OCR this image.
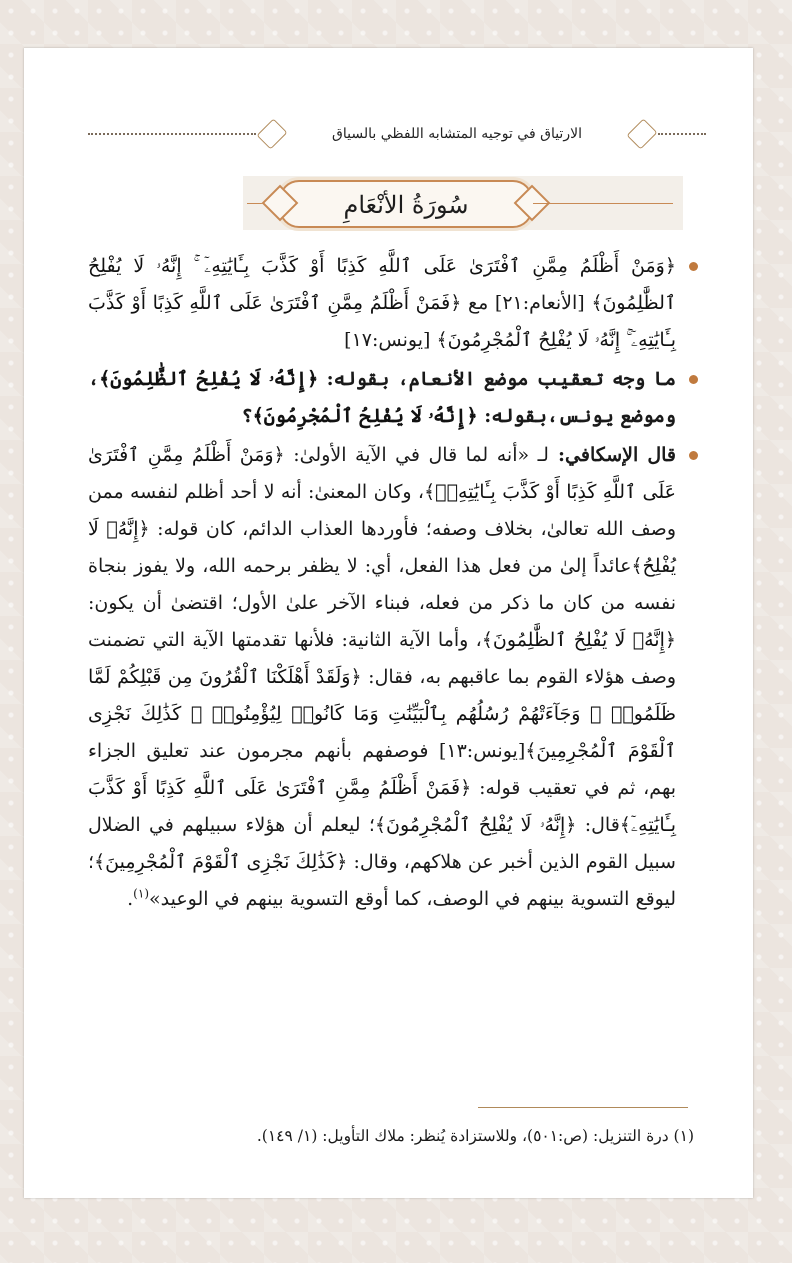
الارتياق في توجيه المتشابه اللفظي بالسياق
سُورَةُ الأنْعَامِ

﴿وَمَنْ أَظْلَمُ مِمَّنِ ٱفْتَرَىٰ عَلَى ٱللَّهِ كَذِبًا أَوْ كَذَّبَ بِـَٔايَٰتِهِۦٓ ۚ إِنَّهُۥ لَا يُفْلِحُ ٱلظَّٰلِمُونَ﴾ [الأنعام:٢١] مع ﴿فَمَنْ أَظْلَمُ مِمَّنِ ٱفْتَرَىٰ عَلَى ٱللَّهِ كَذِبًا أَوْ كَذَّبَ بِـَٔايَٰتِهِۦٓ ۚ إِنَّهُۥ لَا يُفْلِحُ ٱلْمُجْرِمُونَ﴾ [يونس:١٧]

ما وجه تعقيب موضع الأنعام، بقوله: ﴿إِنَّهُۥ لَا يُفْلِحُ ٱلظَّٰلِمُونَ﴾، وموضع يونس،بقوله: ﴿إِنَّهُۥ لَا يُفْلِحُ ٱلْمُجْرِمُونَ﴾؟

قال الإسكافي: لـ «أنه لما قال في الآية الأولىٰ: ﴿وَمَنْ أَظْلَمُ مِمَّنِ ٱفْتَرَىٰ عَلَى ٱللَّهِ كَذِبًا أَوْ كَذَّبَ بِـَٔايَٰتِهِۦٓ﴾، وكان المعنىٰ: أنه لا أحد أظلم لنفسه ممن وصف الله تعالىٰ، بخلاف وصفه؛ فأوردها العذاب الدائم، كان قوله: ﴿إِنَّهُۥ لَا يُفْلِحُ﴾عائداً إلىٰ من فعل هذا الفعل، أي: لا يظفر برحمه الله، ولا يفوز بنجاة نفسه من كان ما ذكر من فعله، فبناء الآخر علىٰ الأول؛ اقتضىٰ أن يكون: ﴿إِنَّهُۥ لَا يُفْلِحُ ٱلظَّٰلِمُونَ﴾، وأما الآية الثانية: فلأنها تقدمتها الآية التي تضمنت وصف هؤلاء القوم بما عاقبهم به، فقال: ﴿وَلَقَدْ أَهْلَكْنَا ٱلْقُرُونَ مِن قَبْلِكُمْ لَمَّا ظَلَمُوا۟ ۙ وَجَآءَتْهُمْ رُسُلُهُم بِٱلْبَيِّنَٰتِ وَمَا كَانُوا۟ لِيُؤْمِنُوا۟ ۚ كَذَٰلِكَ نَجْزِى ٱلْقَوْمَ ٱلْمُجْرِمِينَ﴾[يونس:١٣] فوصفهم بأنهم مجرمون عند تعليق الجزاء بهم، ثم في تعقيب قوله: ﴿فَمَنْ أَظْلَمُ مِمَّنِ ٱفْتَرَىٰ عَلَى ٱللَّهِ كَذِبًا أَوْ كَذَّبَ بِـَٔايَٰتِهِۦٓ﴾قال: ﴿إِنَّهُۥ لَا يُفْلِحُ ٱلْمُجْرِمُونَ﴾؛ ليعلم أن هؤلاء سبيلهم في الضلال سبيل القوم الذين أخبر عن هلاكهم، وقال: ﴿كَذَٰلِكَ نَجْزِى ٱلْقَوْمَ ٱلْمُجْرِمِينَ﴾؛ ليوقع التسوية بينهم في الوصف، كما أوقع التسوية بينهم في الوعيد»$^{(١)}$.

(١) درة التنزيل: (ص:٥٠١)، وللاستزادة يُنظر: ملاك التأويل: (١/ ١٤٩).
